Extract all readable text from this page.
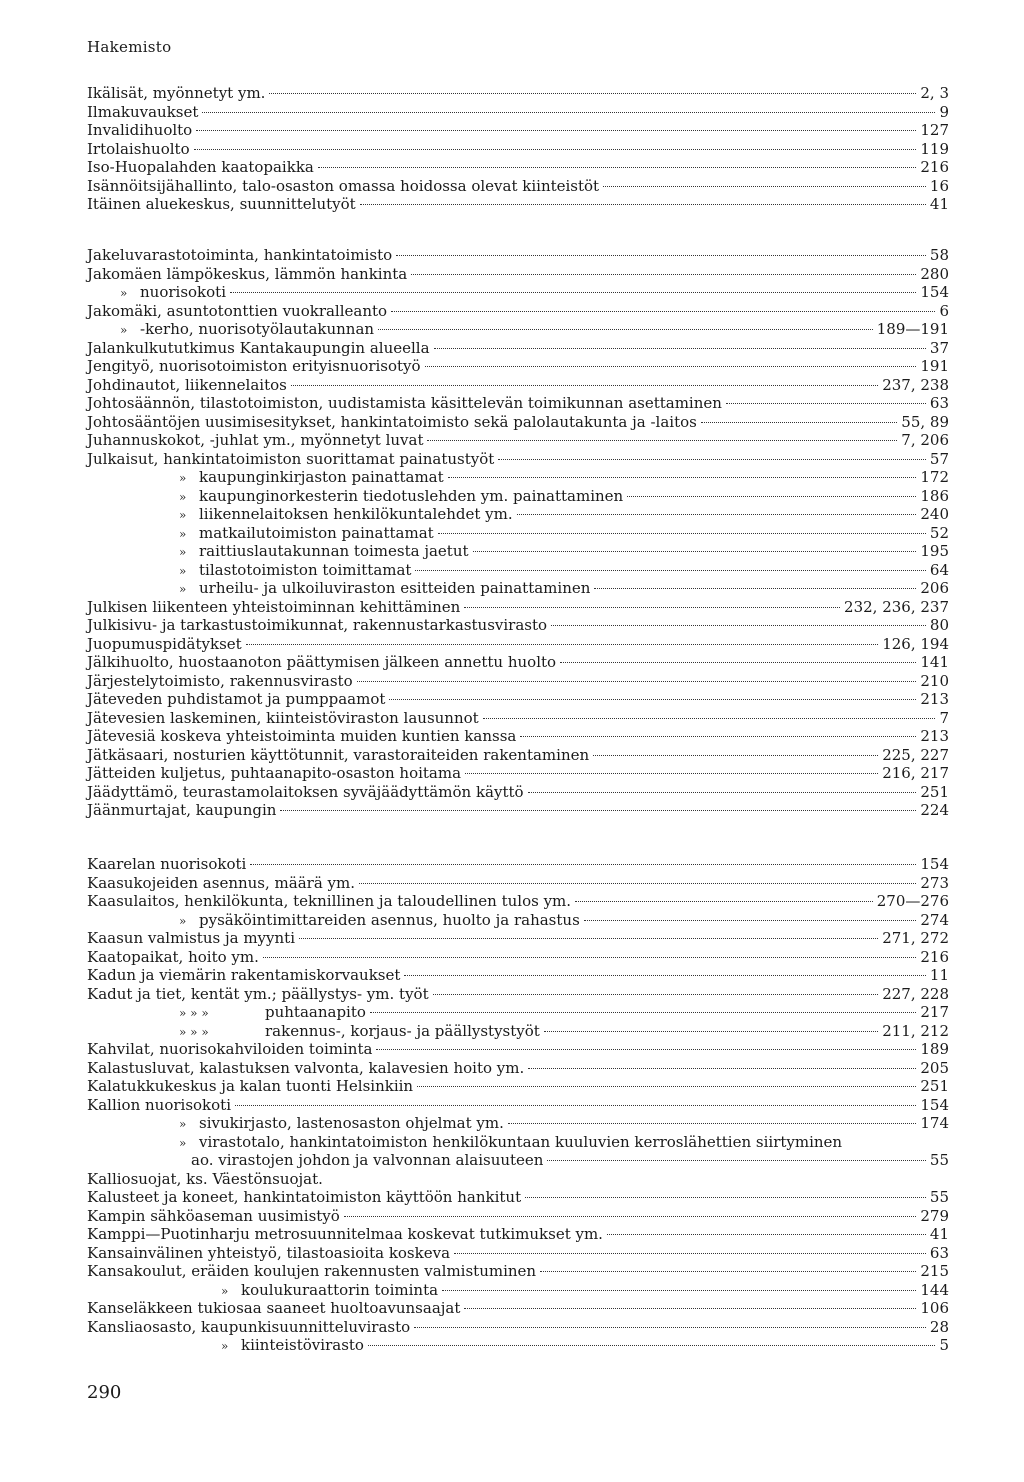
Hakemisto
Ikälisät, myönnetyt ym.	2, 3
Ilmakuvaukset	9
Invalidihuolto	127
Irtolaishuolto	119
Iso-Huopalahden kaatopaikka	216
Isännöitsijähallinto, talo-osaston omassa hoidossa olevat kiinteistöt	16
Itäinen aluekeskus, suunnittelutyöt	41
Jakeluvarastotoiminta, hankintatoimisto	58
Jakomäen lämpökeskus, lämmön hankinta	280
» nuorisokoti	154
Jakomäki, asuntotonttien vuokralleanto	6
» -kerho, nuorisotyölautakunnan	189—191
Jalankulkututkimus Kantakaupungin alueella	37
Jengityö, nuorisotoimiston erityisnuorisotyö	191
Johdinautot, liikennelaitos	237, 238
Johtosäännön, tilastotoimiston, uudistamista käsittelevän toimikunnan asettaminen	63
Johtosääntöjen uusimisesitykset, hankintatoimisto sekä palolautakunta ja -laitos	55, 89
Juhannuskokot, -juhlat ym., myönnetyt luvat	7, 206
Julkaisut, hankintatoimiston suorittamat painatustyöt	57
» kaupunginkirjaston painattamat	172
» kaupunginorkesterin tiedotuslehden ym. painattaminen	186
» liikennelaitoksen henkilökuntalehdet ym.	240
» matkailutoimiston painattamat	52
» raittiuslautakunnan toimesta jaetut	195
» tilastotoimiston toimittamat	64
» urheilu- ja ulkoiluviraston esitteiden painattaminen	206
Julkisen liikenteen yhteistoiminnan kehittäminen	232, 236, 237
Julkisivu- ja tarkastustoimikunnat, rakennustarkastusvirasto	80
Juopumuspidätykset	126, 194
Jälkihuolto, huostaanoton päättymisen jälkeen annettu huolto	141
Järjestelytoimisto, rakennusvirasto	210
Jäteveden puhdistamot ja pumppaamot	213
Jätevesien laskeminen, kiinteistöviraston lausunnot	7
Jätevesiä koskeva yhteistoiminta muiden kuntien kanssa	213
Jätkäsaari, nosturien käyttötunnit, varastoraiteiden rakentaminen	225, 227
Jätteiden kuljetus, puhtaanapito-osaston hoitama	216, 217
Jäädyttämö, teurastamolaitoksen syväjäädyttämön käyttö	251
Jäänmurtajat, kaupungin	224
Kaarelan nuorisokoti	154
Kaasukojeiden asennus, määrä ym.	273
Kaasulaitos, henkilökunta, teknillinen ja taloudellinen tulos ym.	270—276
» pysäköintimittareiden asennus, huolto ja rahastus	274
Kaasun valmistus ja myynti	271, 272
Kaatopaikat, hoito ym.	216
Kadun ja viemärin rakentamiskorvaukset	11
Kadut ja tiet, kentät ym.; päällystys- ym. työt	227, 228
» » »	puhtaanapito	217
» » »	rakennus-, korjaus- ja päällystystyöt	211, 212
Kahvilat, nuorisokahviloiden toiminta	189
Kalastusluvat, kalastuksen valvonta, kalavesien hoito ym.	205
Kalatukkukeskus ja kalan tuonti Helsinkiin	251
Kallion nuorisokoti	154
» sivukirjasto, lastenosaston ohjelmat ym.	174
» virastotalo, hankintatoimiston henkilökuntaan kuuluvien kerroslähettien siirtyminen
ao. virastojen johdon ja valvonnan alaisuuteen	55
Kalliosuojat, ks. Väestönsuojat.
Kalusteet ja koneet, hankintatoimiston käyttöön hankitut	55
Kampin sähköaseman uusimistyö	279
Kamppi—Puotinharju metrosuunnitelmaa koskevat tutkimukset ym.	41
Kansainvälinen yhteistyö, tilastoasioita koskeva	63
Kansakoulut, eräiden koulujen rakennusten valmistuminen	215
» koulukuraattorin toiminta	144
Kanseläkkeen tukiosaa saaneet huoltoavunsaajat	106
Kansliaosasto, kaupunkisuunnitteluvirasto	28
» kiinteistövirasto	5
290
